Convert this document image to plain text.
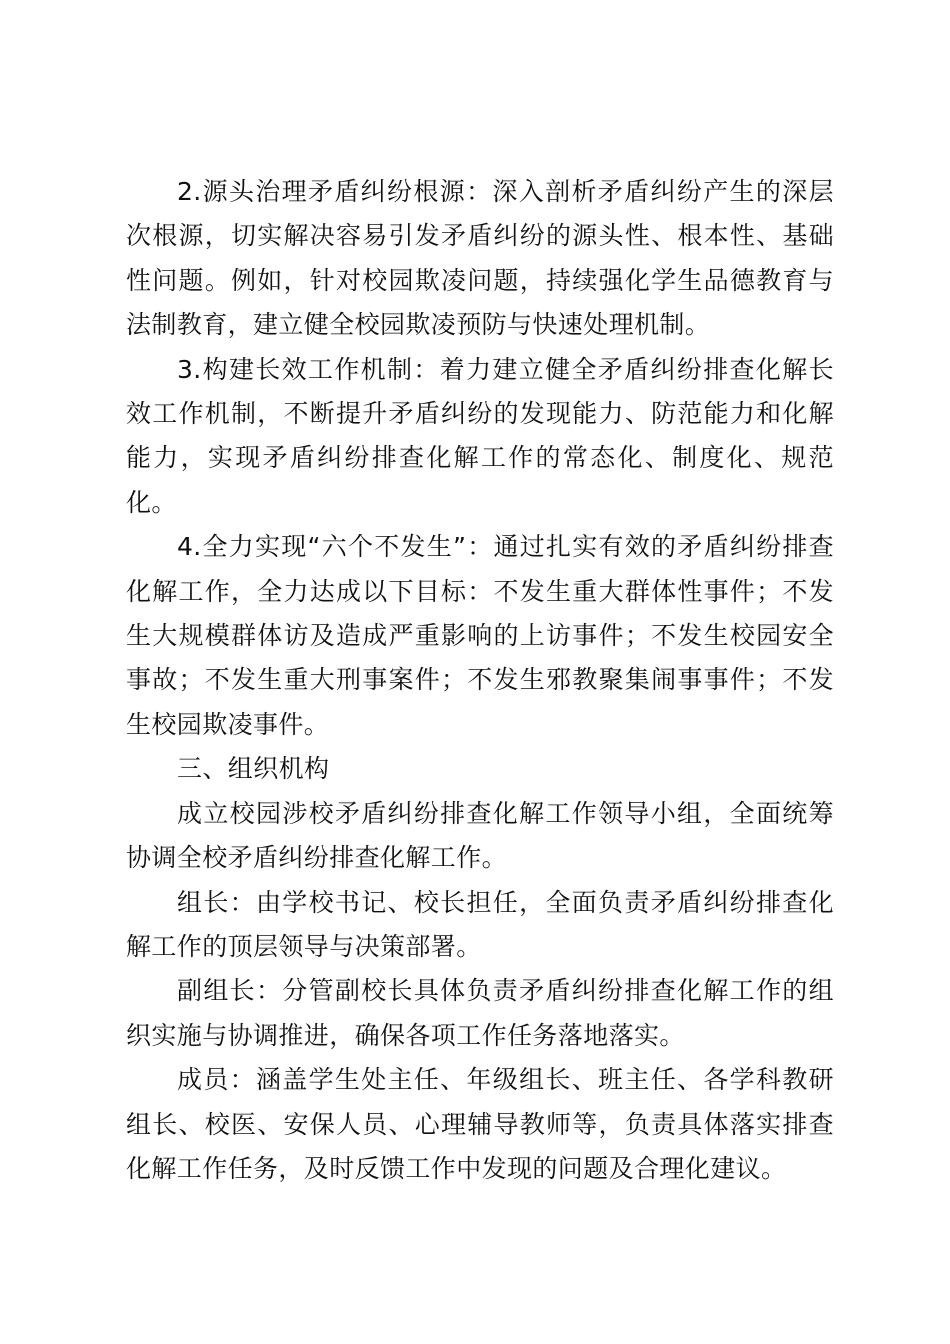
2.源头治理矛盾纠纷根源：深入剖析矛盾纠纷产生的深层次根源，切实解决容易引发矛盾纠纷的源头性、根本性、基础性问题。例如，针对校园欺凌问题，持续强化学生品德教育与法制教育，建立健全校园欺凌预防与快速处理机制。

3.构建长效工作机制：着力建立健全矛盾纠纷排查化解长效工作机制，不断提升矛盾纠纷的发现能力、防范能力和化解能力，实现矛盾纠纷排查化解工作的常态化、制度化、规范化。

4.全力实现“六个不发生”：通过扎实有效的矛盾纠纷排查化解工作，全力达成以下目标：不发生重大群体性事件；不发生大规模群体访及造成严重影响的上访事件；不发生校园安全事故；不发生重大刑事案件；不发生邪教聚集闹事事件；不发生校园欺凌事件。

三、组织机构

成立校园涉校矛盾纠纷排查化解工作领导小组，全面统筹协调全校矛盾纠纷排查化解工作。

组长：由学校书记、校长担任，全面负责矛盾纠纷排查化解工作的顶层领导与决策部署。

副组长：分管副校长具体负责矛盾纠纷排查化解工作的组织实施与协调推进，确保各项工作任务落地落实。

成员：涵盖学生处主任、年级组长、班主任、各学科教研组长、校医、安保人员、心理辅导教师等，负责具体落实排查化解工作任务，及时反馈工作中发现的问题及合理化建议。
